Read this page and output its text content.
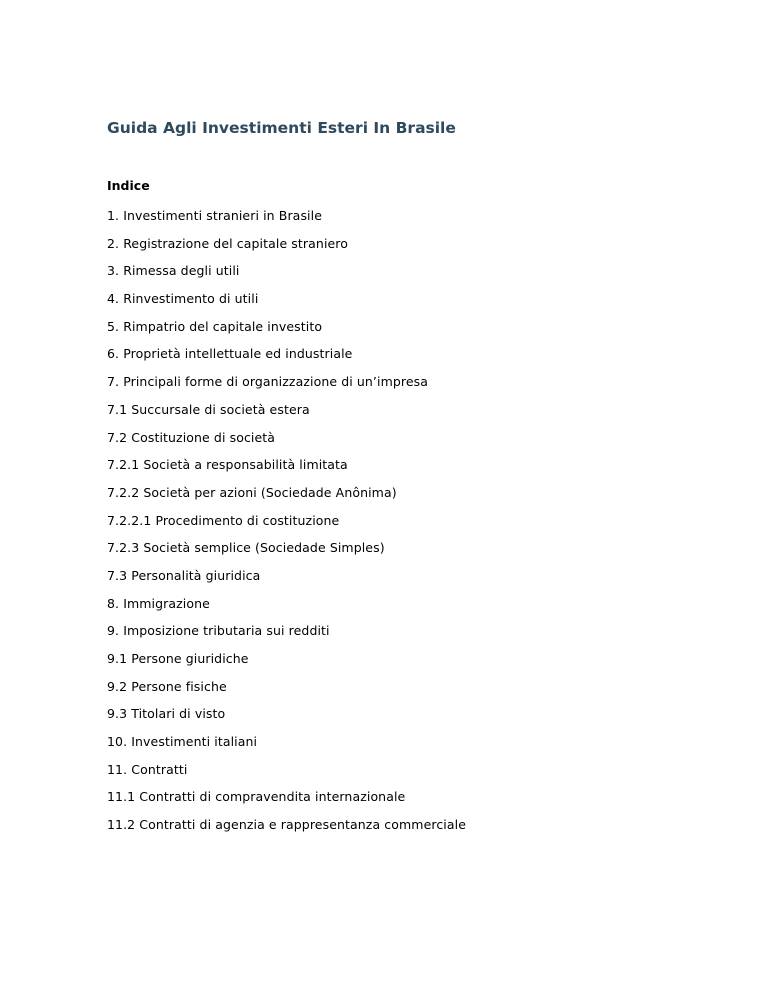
Guida Agli Investimenti Esteri In Brasile
Indice
1. Investimenti stranieri in Brasile
2. Registrazione del capitale straniero
3. Rimessa degli utili
4. Rinvestimento di utili
5. Rimpatrio del capitale investito
6. Proprietà intellettuale ed industriale
7. Principali forme di organizzazione di un’impresa
7.1 Succursale di società estera
7.2 Costituzione di società
7.2.1 Società a responsabilità limitata
7.2.2 Società per azioni (Sociedade Anônima)
7.2.2.1 Procedimento di costituzione
7.2.3 Società semplice (Sociedade Simples)
7.3 Personalità giuridica
8. Immigrazione
9. Imposizione tributaria sui redditi
9.1 Persone giuridiche
9.2 Persone fisiche
9.3 Titolari di visto
10. Investimenti italiani
11. Contratti
11.1 Contratti di compravendita internazionale
11.2 Contratti di agenzia e rappresentanza commerciale
